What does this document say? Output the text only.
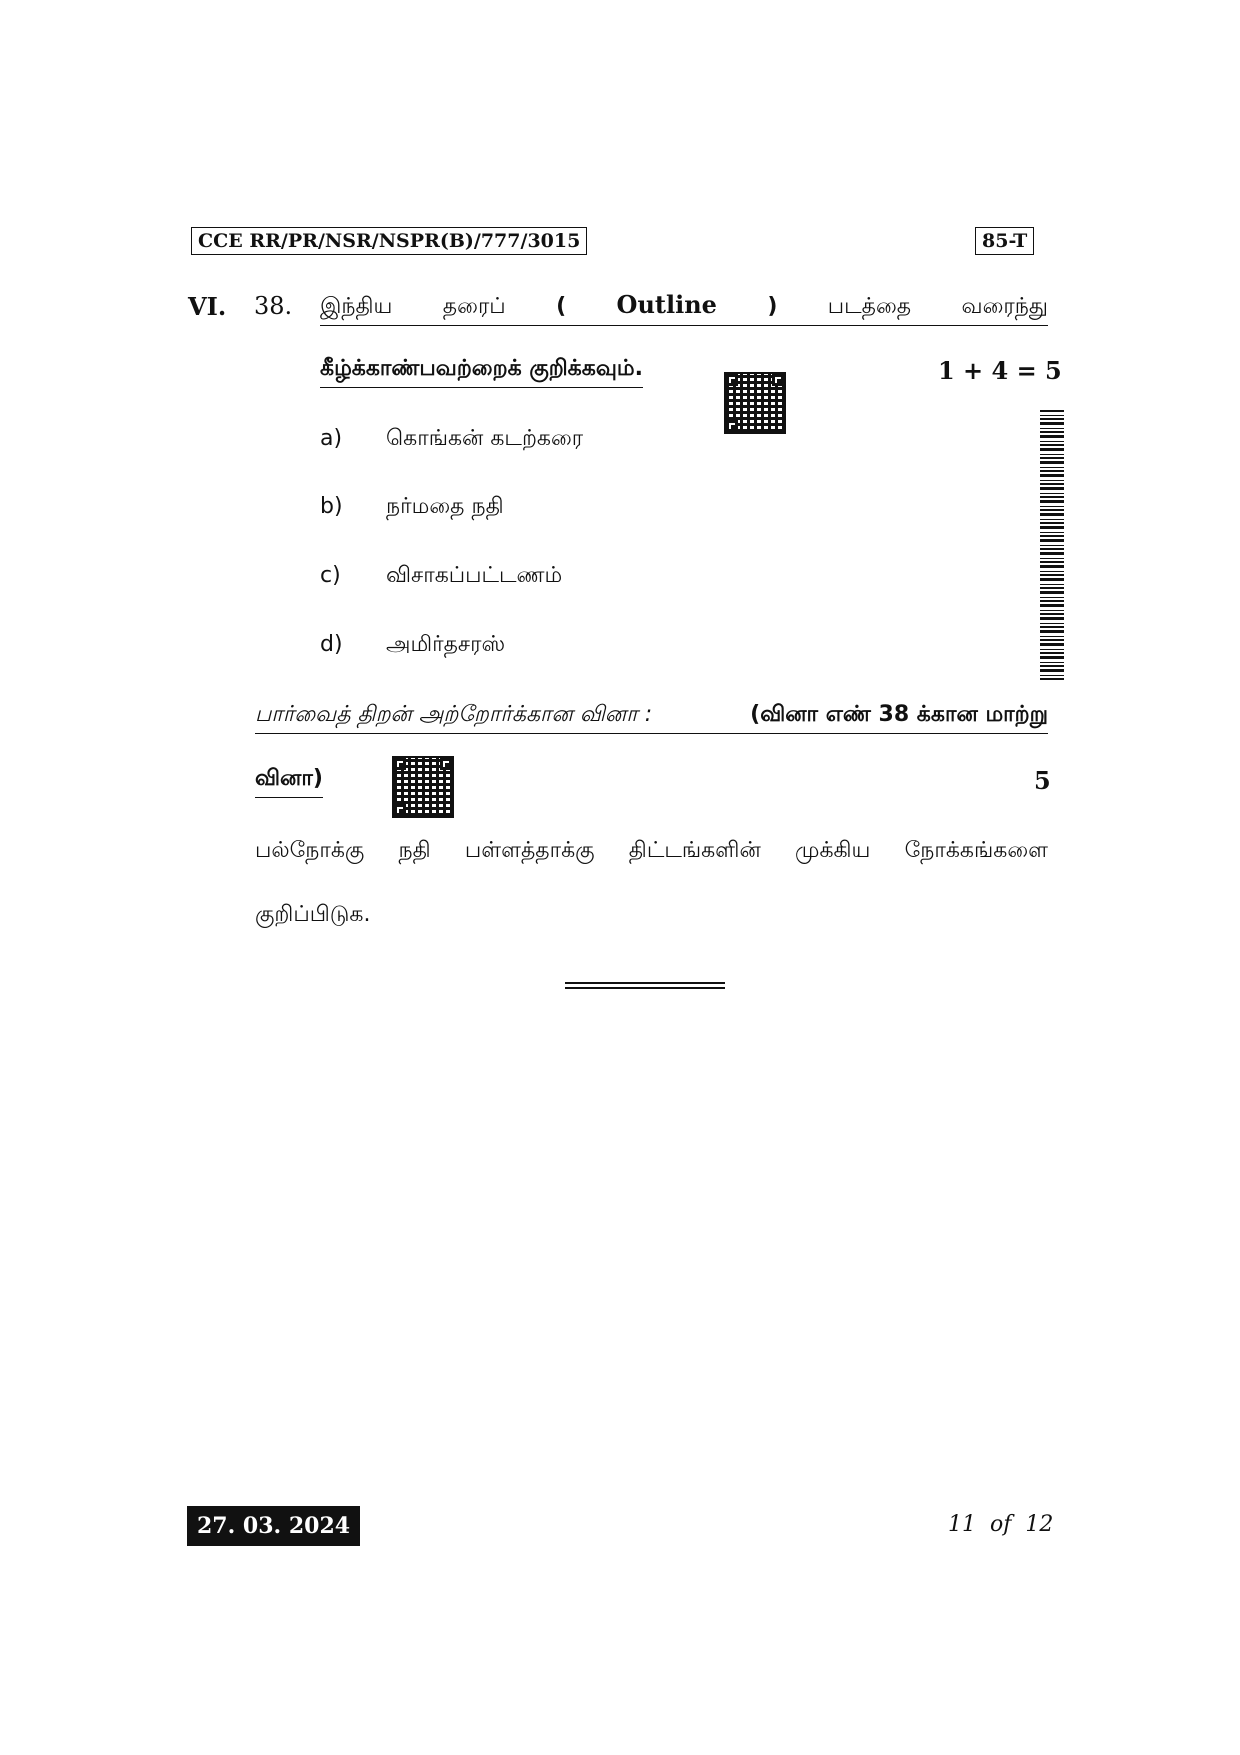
CCE RR/PR/NSR/NSPR(B)/777/3015	85-T
VI. 38. இந்திய தரைப் ( Outline ) படத்தை வரைந்து
கீழ்க்காண்பவற்றைக் குறிக்கவும்.	1 + 4 = 5
a) கொங்கன் கடற்கரை
b) நர்மதை நதி
c) விசாகப்பட்டணம்
d) அமிர்தசரஸ்
பார்வைத் திறன் அற்றோர்க்கான வினா :	(வினா எண் 38 க்கான மாற்று
வினா)	5
பல்நோக்கு நதி பள்ளத்தாக்கு திட்டங்களின் முக்கிய நோக்கங்களை
குறிப்பிடுக.
27. 03. 2024	11  of  12
